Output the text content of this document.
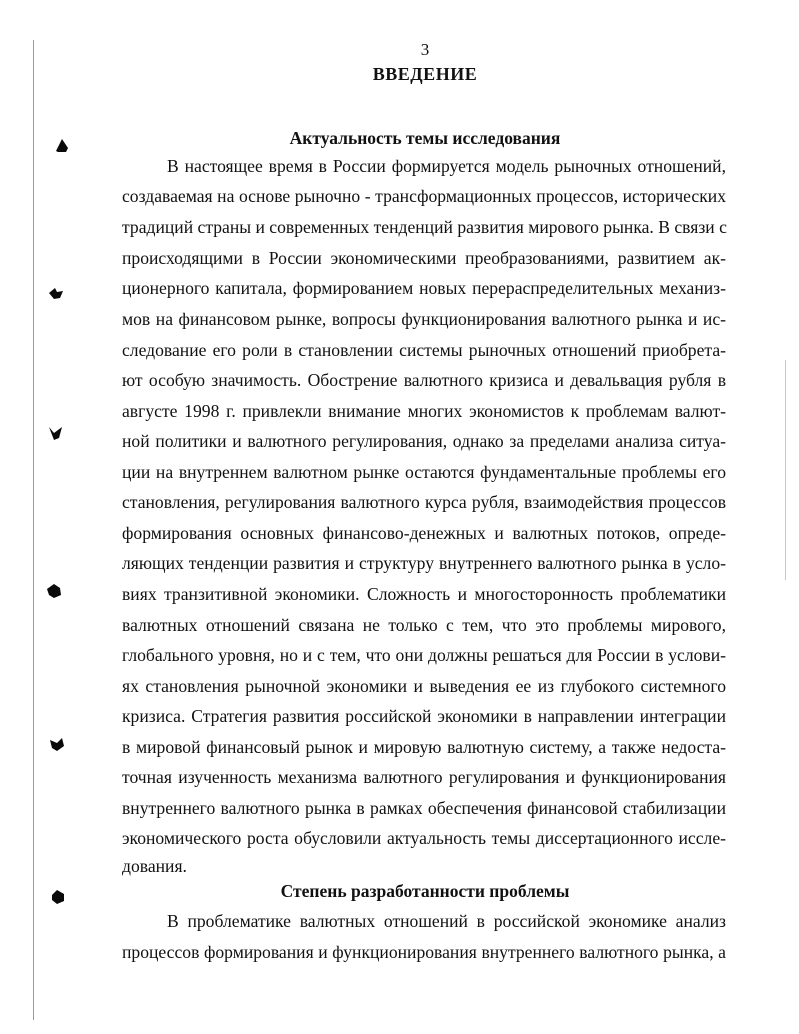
3
ВВЕДЕНИЕ
Актуальность темы исследования
В настоящее время в России формируется модель рыночных отношений,
создаваемая на основе рыночно - трансформационных процессов, исторических
традиций страны и современных тенденций развития мирового рынка. В связи с
происходящими в России экономическими преобразованиями, развитием ак-
ционерного капитала, формированием новых перераспределительных механиз-
мов на финансовом рынке, вопросы функционирования валютного рынка и ис-
следование его роли в становлении системы рыночных отношений приобрета-
ют особую значимость. Обострение валютного кризиса и девальвация рубля в
августе 1998 г. привлекли внимание многих экономистов к проблемам валют-
ной политики и валютного регулирования, однако за пределами анализа ситуа-
ции на внутреннем валютном рынке остаются фундаментальные проблемы его
становления, регулирования валютного курса рубля, взаимодействия процессов
формирования основных финансово-денежных и валютных потоков, опреде-
ляющих тенденции развития и структуру внутреннего валютного рынка в усло-
виях транзитивной экономики. Сложность и многосторонность проблематики
валютных отношений связана не только с тем, что это проблемы мирового,
глобального уровня, но и с тем, что они должны решаться для России в услови-
ях становления рыночной экономики и выведения ее из глубокого системного
кризиса. Стратегия развития российской экономики в направлении интеграции
в мировой финансовый рынок и мировую валютную систему, а также недоста-
точная изученность механизма валютного регулирования и функционирования
внутреннего валютного рынка в рамках обеспечения финансовой стабилизации
экономического роста обусловили актуальность темы диссертационного иссле-
дования.
Степень разработанности проблемы
В проблематике валютных отношений в российской экономике анализ
процессов формирования и функционирования внутреннего валютного рынка, а
